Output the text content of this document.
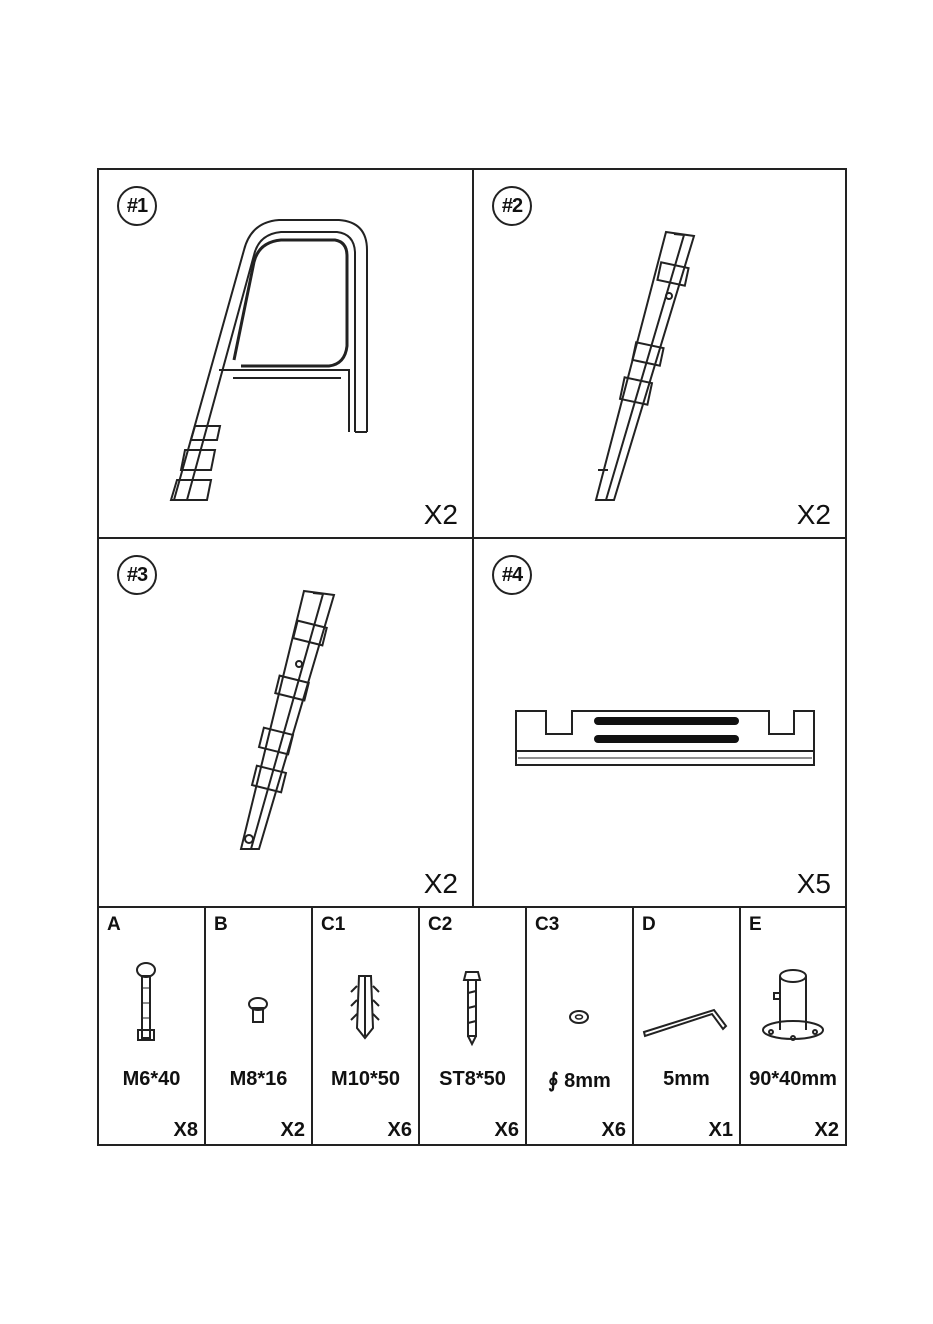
#1
X2
#2
X2
#3
X2
#4
X5
A
M6*40
X8
B
M8*16
X2
C1
M10*50
X6
C2
ST8*50
X6
C3
∮ 8mm
X6
D
5mm
X1
E
90*40mm
X2
